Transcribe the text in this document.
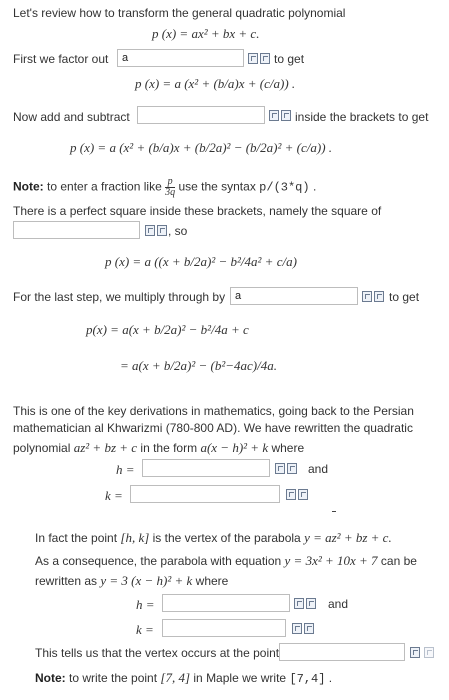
Let's review how to transform the general quadratic polynomial
p (x) = ax² + bx + c.
First we factor out	a	to get
p (x) = a (x² + (b/a)x + (c/a)) .
Now add and subtract	inside the brackets to get
p (x) = a (x² + (b/a)x + (b/2a)² − (b/2a)² + (c/a)) .
Note: to enter a fraction like $\frac{p}{3q}$ use the syntax p/(3*q) .
There is a perfect square inside these brackets, namely the square of
, so
p (x) = a ((x + b/2a)² − b²/4a² + c/a)
For the last step, we multiply through by a	to get
p(x) = a(x + b/2a)² − b²/4a + c
= a(x + b/2a)² − (b²−4ac)/4a.
This is one of the key derivations in mathematics, going back to the Persian
mathematician al Khwarizmi (780-800 AD). We have rewritten the quadratic
polynomial az² + bz + c in the form a(x − h)² + k where
h =	and
k =
In fact the point [h, k] is the vertex of the parabola y = az² + bz + c.
As a consequence, the parabola with equation y = 3x² + 10x + 7 can be
rewritten as y = 3 (x − h)² + k where
h =	and
k =
This tells us that the vertex occurs at the point
Note: to write the point [7, 4] in Maple we write [7,4] .
